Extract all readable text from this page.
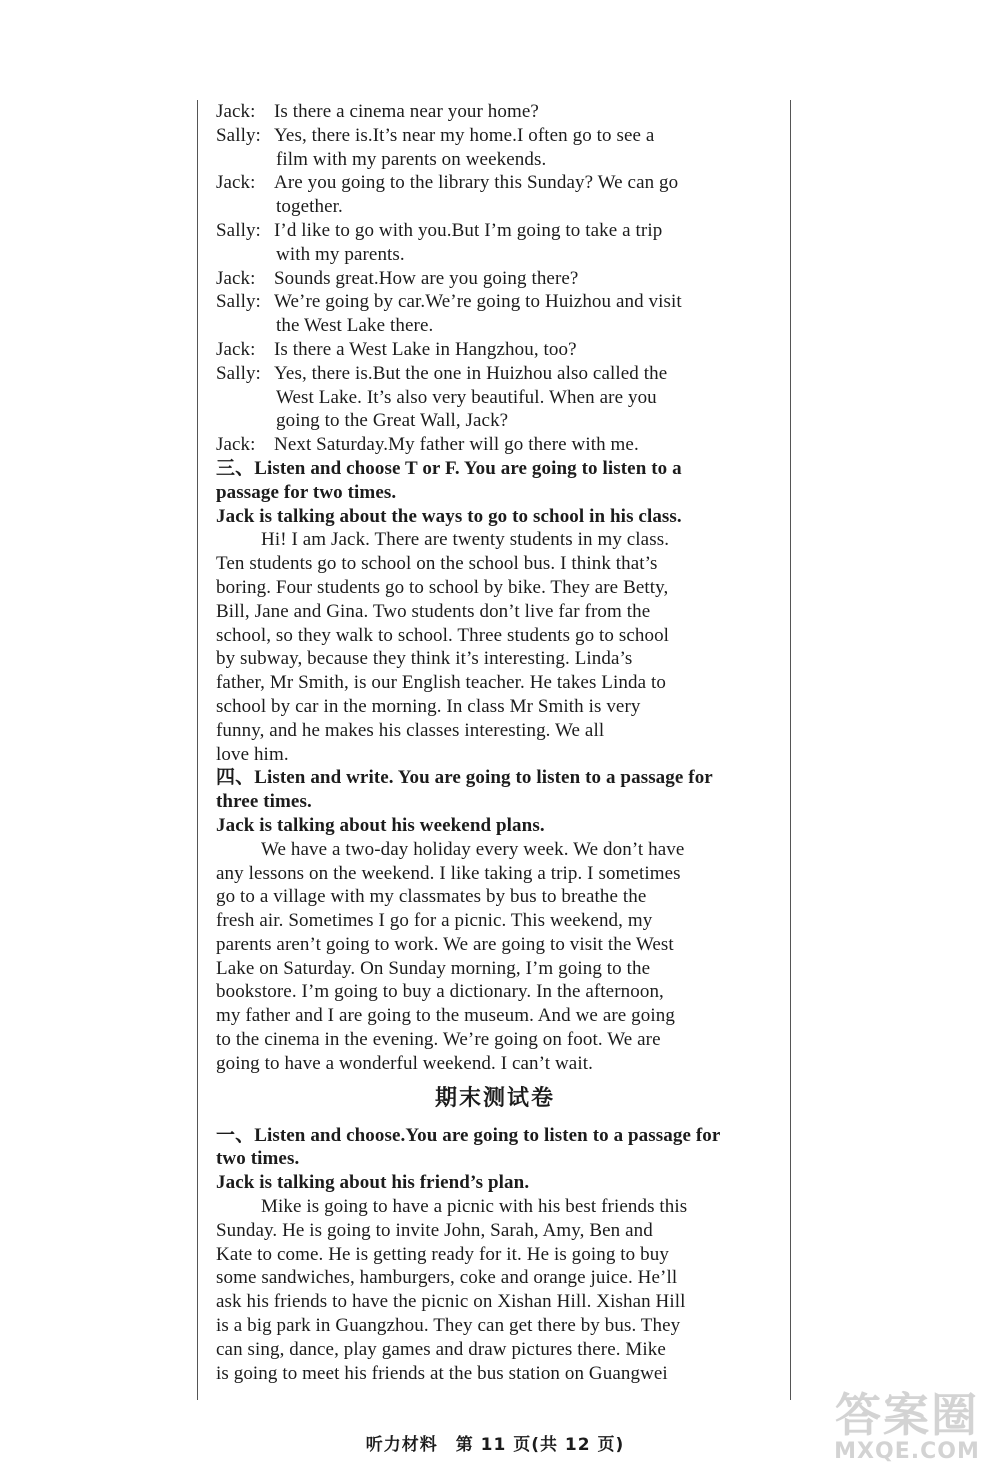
Jack: Is there a cinema near your home?
Sally: Yes, there is.It’s near my home.I often go to see a
film with my parents on weekends.
Jack: Are you going to the library this Sunday? We can go
together.
Sally: I’d like to go with you.But I’m going to take a trip
with my parents.
Jack: Sounds great.How are you going there?
Sally: We’re going by car.We’re going to Huizhou and visit
the West Lake there.
Jack: Is there a West Lake in Hangzhou, too?
Sally: Yes, there is.But the one in Huizhou also called the
West Lake. It’s also very beautiful. When are you
going to the Great Wall, Jack?
Jack: Next Saturday.My father will go there with me.
三、Listen and choose T or F. You are going to listen to a
passage for two times.
Jack is talking about the ways to go to school in his class.
Hi! I am Jack. There are twenty students in my class.
Ten students go to school on the school bus. I think that’s
boring. Four students go to school by bike. They are Betty,
Bill, Jane and Gina. Two students don’t live far from the
school, so they walk to school. Three students go to school
by subway, because they think it’s interesting. Linda’s
father, Mr Smith, is our English teacher. He takes Linda to
school by car in the morning. In class Mr Smith is very
funny, and he makes his classes interesting. We all
love him.
四、Listen and write. You are going to listen to a passage for
three times.
Jack is talking about his weekend plans.
We have a two-day holiday every week. We don’t have
any lessons on the weekend. I like taking a trip. I sometimes
go to a village with my classmates by bus to breathe the
fresh air. Sometimes I go for a picnic. This weekend, my
parents aren’t going to work. We are going to visit the West
Lake on Saturday. On Sunday morning, I’m going to the
bookstore. I’m going to buy a dictionary. In the afternoon,
my father and I are going to the museum. And we are going
to the cinema in the evening. We’re going on foot. We are
going to have a wonderful weekend. I can’t wait.
期末测试卷
一、Listen and choose.You are going to listen to a passage for
two times.
Jack is talking about his friend’s plan.
Mike is going to have a picnic with his best friends this
Sunday. He is going to invite John, Sarah, Amy, Ben and
Kate to come. He is getting ready for it. He is going to buy
some sandwiches, hamburgers, coke and orange juice. He’ll
ask his friends to have the picnic on Xishan Hill. Xishan Hill
is a big park in Guangzhou. They can get there by bus. They
can sing, dance, play games and draw pictures there. Mike
is going to meet his friends at the bus station on Guangwei
听力材料　第 11 页(共 12 页)
答案圈
MXQE.COM
